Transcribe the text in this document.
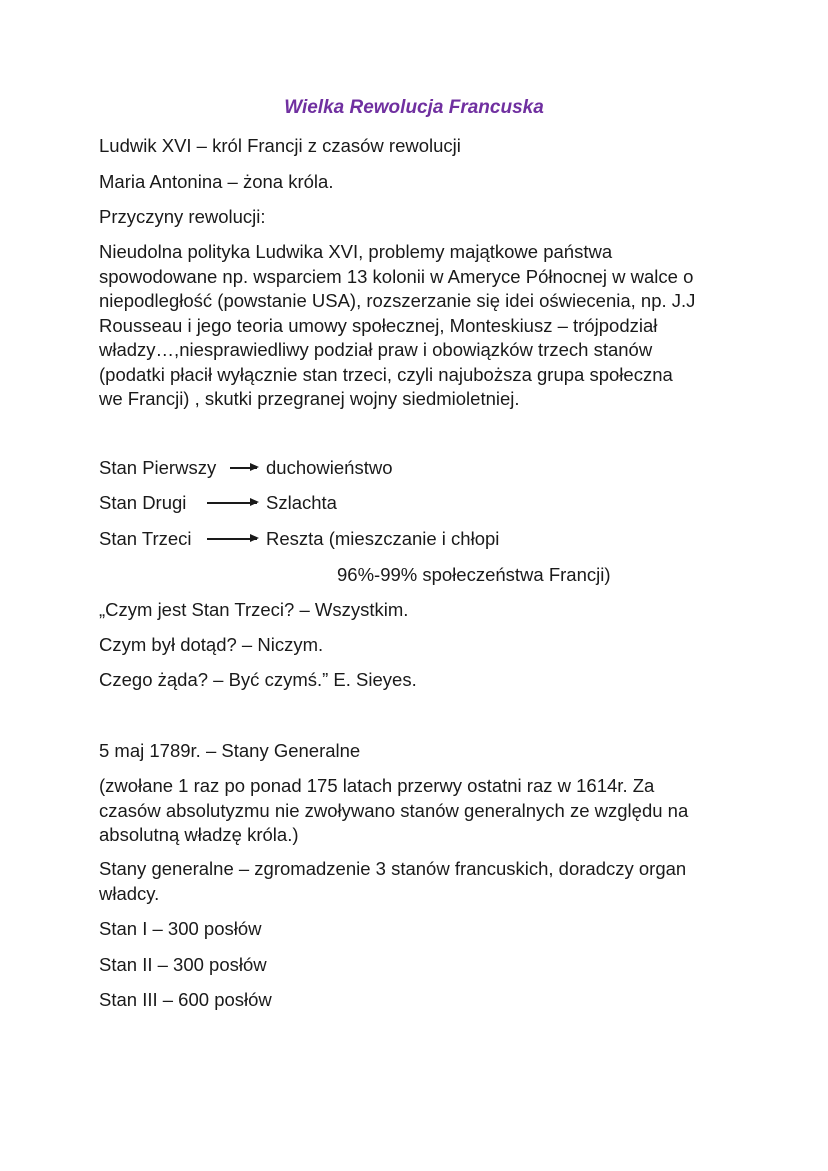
Wielka Rewolucja Francuska
Ludwik XVI – król Francji z czasów rewolucji
Maria Antonina – żona króla.
Przyczyny rewolucji:
Nieudolna polityka Ludwika XVI, problemy majątkowe państwa
spowodowane np. wsparciem 13 kolonii w Ameryce Północnej w walce o
niepodległość (powstanie USA), rozszerzanie się idei oświecenia, np. J.J
Rousseau i jego teoria umowy społecznej, Monteskiusz – trójpodział
władzy…,niesprawiedliwy podział praw i obowiązków trzech stanów
(podatki płacił wyłącznie stan trzeci, czyli najuboższa grupa społeczna
we Francji) , skutki przegranej wojny siedmioletniej.
Stan Pierwszy	duchowieństwo
Stan Drugi	Szlachta
Stan Trzeci	Reszta (mieszczanie i chłopi
96%-99% społeczeństwa Francji)
„Czym jest Stan Trzeci? – Wszystkim.
Czym był dotąd? – Niczym.
Czego żąda? – Być czymś.” E. Sieyes.
5 maj 1789r. – Stany Generalne
(zwołane 1 raz po ponad 175 latach przerwy ostatni raz w 1614r. Za
czasów absolutyzmu nie zwoływano stanów generalnych ze względu na
absolutną władzę króla.)
Stany generalne – zgromadzenie 3 stanów francuskich, doradczy organ
władcy.
Stan I – 300 posłów
Stan II – 300 posłów
Stan III – 600 posłów
